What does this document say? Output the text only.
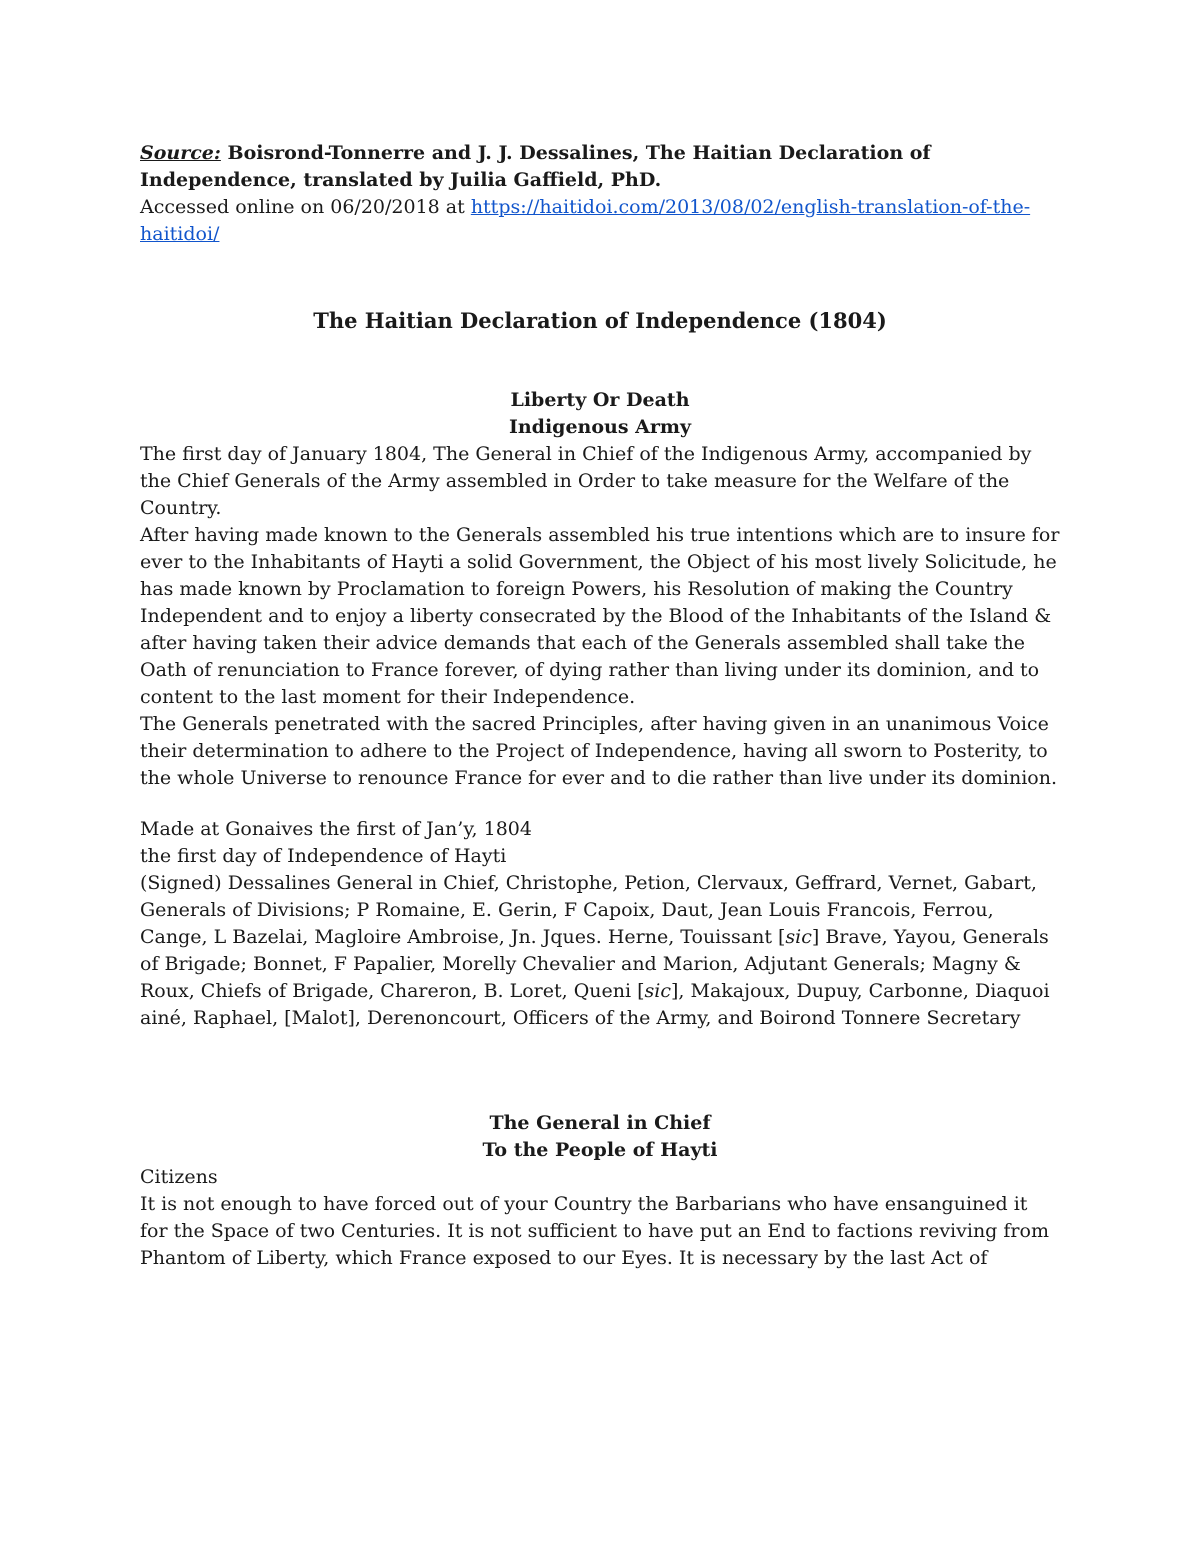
Source: Boisrond-Tonnerre and J. J. Dessalines, The Haitian Declaration of Independence, translated by Juilia Gaffield, PhD.

Accessed online on 06/20/2018 at https://haitidoi.com/2013/08/02/english-translation-of-the-
haitidoi/

The Haitian Declaration of Independence (1804)
Liberty Or Death
Indigenous Army

The first day of January 1804, The General in Chief of the Indigenous Army, accompanied by the Chief Generals of the Army assembled in Order to take measure for the Welfare of the Country.

After having made known to the Generals assembled his true intentions which are to insure for ever to the Inhabitants of Hayti a solid Government, the Object of his most lively Solicitude, he has made known by Proclamation to foreign Powers, his Resolution of making the Country Independent and to enjoy a liberty consecrated by the Blood of the Inhabitants of the Island & after having taken their advice demands that each of the Generals assembled shall take the Oath of renunciation to France forever, of dying rather than living under its dominion, and to content to the last moment for their Independence.

The Generals penetrated with the sacred Principles, after having given in an unanimous Voice their determination to adhere to the Project of Independence, having all sworn to Posterity, to the whole Universe to renounce France for ever and to die rather than live under its dominion.

Made at Gonaives the first of Jan’y, 1804

the first day of Independence of Hayti

(Signed) Dessalines General in Chief, Christophe, Petion, Clervaux, Geffrard, Vernet, Gabart, Generals of Divisions; P Romaine, E. Gerin, F Capoix, Daut, Jean Louis Francois, Ferrou, Cange, L Bazelai, Magloire Ambroise, Jn. Jques. Herne, Touissant [sic] Brave, Yayou, Generals of Brigade; Bonnet, F Papalier, Morelly Chevalier and Marion, Adjutant Generals; Magny & Roux, Chiefs of Brigade, Chareron, B. Loret, Queni [sic], Makajoux, Dupuy, Carbonne, Diaquoi ainé, Raphael, [Malot], Derenoncourt, Officers of the Army, and Boirond Tonnere Secretary

The General in Chief
To the People of Hayti

Citizens

It is not enough to have forced out of your Country the Barbarians who have ensanguined it for the Space of two Centuries. It is not sufficient to have put an End to factions reviving from Phantom of Liberty, which France exposed to our Eyes. It is necessary by the last Act of
